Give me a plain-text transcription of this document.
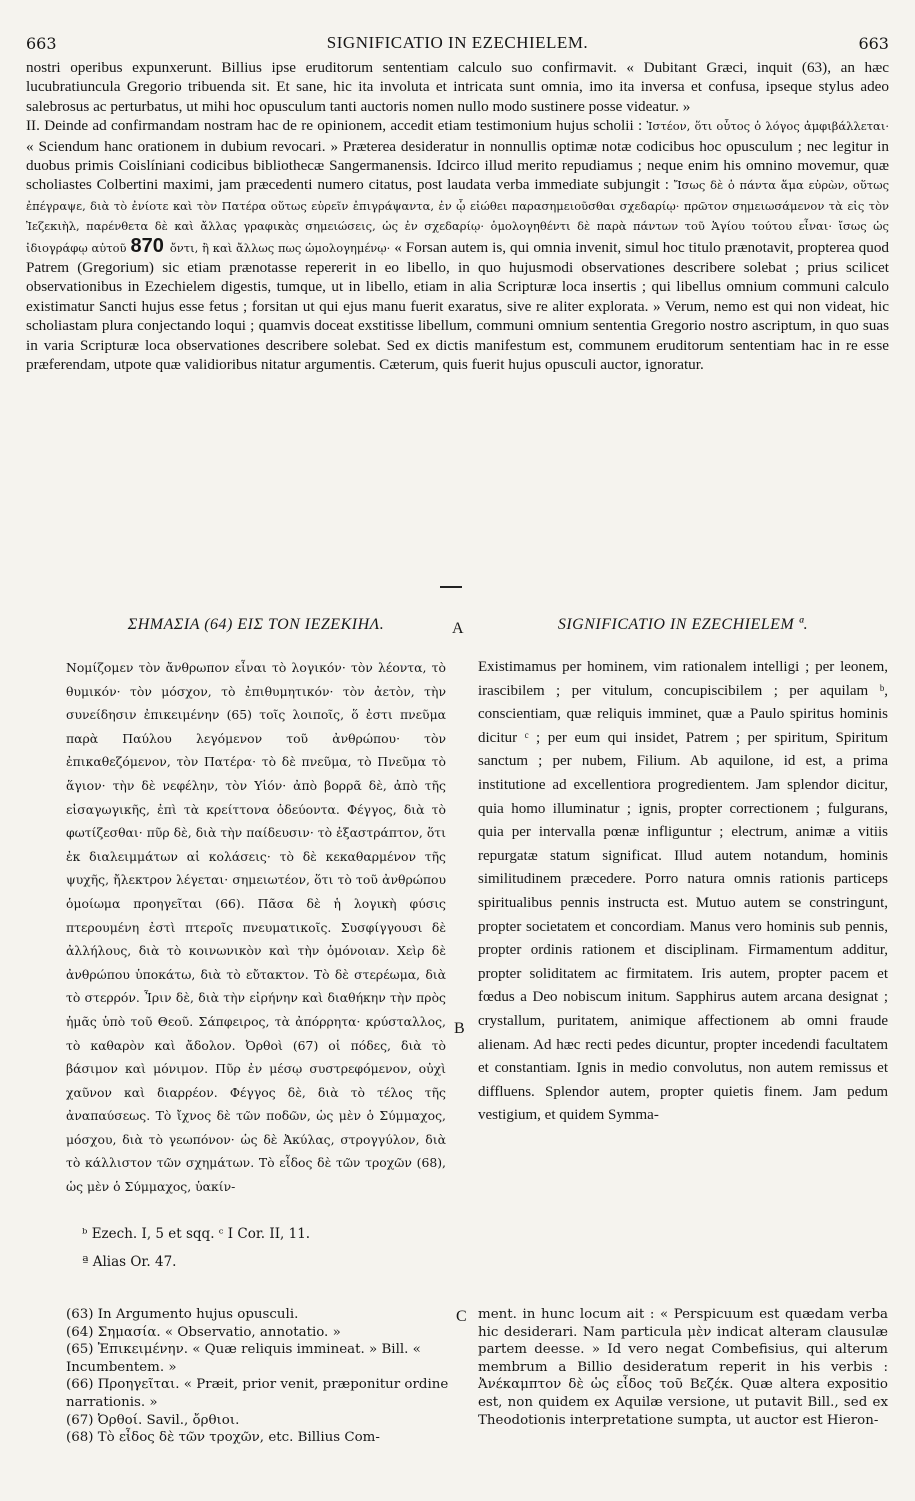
663	SIGNIFICATIO IN EZECHIELEM.	663

nostri operibus expunxerunt. Billius ipse eruditorum sententiam calculo suo confirmavit. « Dubitant Græci, inquit (63), an hæc lucubratiuncula Gregorio tribuenda sit. Et sane, hic ita involuta et intricata sunt omnia, imo ita inversa et confusa, ipseque stylus adeo salebrosus ac perturbatus, ut mihi hoc opusculum tanti auctoris nomen nullo modo sustinere posse videatur. »

II. Deinde ad confirmandam nostram hac de re opinionem, accedit etiam testimonium hujus scholii : Ἰστέον, ὅτι οὗτος ὁ λόγος ἀμφιβάλλεται· « Sciendum hanc orationem in dubium revocari. » Præterea desideratur in nonnullis optimæ notæ codicibus hoc opusculum ; nec legitur in duobus primis Coislíniani codicibus bibliothecæ Sangermanensis. Idcirco illud merito repudiamus ; neque enim his omnino movemur, quæ scholiastes Colbertini maximi, jam præcedenti numero citatus, post laudata verba immediate subjungit : Ἴσως δὲ ὁ πάντα ἅμα εὑρὼν, οὕτως ἐπέγραψε, διὰ τὸ ἐνίοτε καὶ τὸν Πατέρα οὕτως εὑρεῖν ἐπιγράψαντα, ἐν ᾧ εἰώθει παρασημειοῦσθαι σχεδαρίῳ· πρῶτον σημειωσάμενον τὰ εἰς τὸν Ἰεζεκιὴλ, παρένθετα δὲ καὶ ἄλλας γραφικὰς σημειώσεις, ὡς ἐν σχεδαρίῳ· ὁμολογηθέντι δὲ παρὰ πάντων τοῦ Ἁγίου τούτου εἶναι· ἴσως ὡς ἰδιογράφῳ αὐτοῦ 870 ὄντι, ἢ καὶ ἄλλως πως ὡμολογημένῳ· « Forsan autem is, qui omnia invenit, simul hoc titulo prænotavit, propterea quod Patrem (Gregorium) sic etiam prænotasse repererit in eo libello, in quo hujusmodi observationes describere solebat ; prius scilicet observationibus in Ezechielem digestis, tumque, ut in libello, etiam in alia Scripturæ loca insertis ; qui libellus omnium communi calculo existimatur Sancti hujus esse fetus ; forsitan ut qui ejus manu fuerit exaratus, sive re aliter explorata. » Verum, nemo est qui non videat, hic scholiastam plura conjectando loqui ; quamvis doceat exstitisse libellum, communi omnium sententia Gregorio nostro ascriptum, in quo suas in varia Scripturæ loca observationes describere solebat. Sed ex dictis manifestum est, communem eruditorum sententiam hac in re esse præferendam, utpote quæ validioribus nitatur argumentis. Cæterum, quis fuerit hujus opusculi auctor, ignoratur.

ΣΗΜΑΣΙΑ (64) ΕΙΣ ΤΟΝ ΙΕΖΕΚΙΗΛ.

Νομίζομεν τὸν ἄνθρωπον εἶναι τὸ λογικόν· τὸν λέοντα, τὸ θυμικόν· τὸν μόσχον, τὸ ἐπιθυμητικόν· τὸν ἀετὸν, τὴν συνείδησιν ἐπικειμένην (65) τοῖς λοιποῖς, ὅ ἐστι πνεῦμα παρὰ Παύλου λεγόμενον τοῦ ἀνθρώπου· τὸν ἐπικαθεζόμενον, τὸν Πατέρα· τὸ δὲ πνεῦμα, τὸ Πνεῦμα τὸ ἅγιον· τὴν δὲ νεφέλην, τὸν Υἱόν· ἀπὸ βορρᾶ δὲ, ἀπὸ τῆς εἰσαγωγικῆς, ἐπὶ τὰ κρείττονα ὁδεύοντα. Φέγγος, διὰ τὸ φωτίζεσθαι· πῦρ δὲ, διὰ τὴν παίδευσιν· τὸ ἐξαστράπτον, ὅτι ἐκ διαλειμμάτων αἱ κολάσεις· τὸ δὲ κεκαθαρμένον τῆς ψυχῆς, ἤλεκτρον λέγεται· σημειωτέον, ὅτι τὸ τοῦ ἀνθρώπου ὁμοίωμα προηγεῖται (66). Πᾶσα δὲ ἡ λογικὴ φύσις πτερουμένη ἐστὶ πτεροῖς πνευματικοῖς. Συσφίγγουσι δὲ ἀλλήλους, διὰ τὸ κοινωνικὸν καὶ τὴν ὁμόνοιαν. Χεὶρ δὲ ἀνθρώπου ὑποκάτω, διὰ τὸ εὔτακτον. Τὸ δὲ στερέωμα, διὰ τὸ στερρόν. Ἶριν δὲ, διὰ τὴν εἰρήνην καὶ διαθήκην τὴν πρὸς ἡμᾶς ὑπὸ τοῦ Θεοῦ. Σάπφειρος, τὰ ἀπόρρητα· κρύσταλλος, τὸ καθαρὸν καὶ ἄδολον. Ὀρθοὶ (67) οἱ πόδες, διὰ τὸ βάσιμον καὶ μόνιμον. Πῦρ ἐν μέσῳ συστρεφόμενον, οὐχὶ χαῦνον καὶ διαρρέον. Φέγγος δὲ, διὰ τὸ τέλος τῆς ἀναπαύσεως. Τὸ ἴχνος δὲ τῶν ποδῶν, ὡς μὲν ὁ Σύμμαχος, μόσχου, διὰ τὸ γεωπόνον· ὡς δὲ Ἀκύλας, στρογγύλον, διὰ τὸ κάλλιστον τῶν σχημάτων. Τὸ εἶδος δὲ τῶν τροχῶν (68), ὡς μὲν ὁ Σύμμαχος, ὑακίν-

A
B
SIGNIFICATIO IN EZECHIELEM ª.

Existimamus per hominem, vim rationalem intelligi ; per leonem, irascibilem ; per vitulum, concupiscibilem ; per aquilam ᵇ, conscientiam, quæ reliquis imminet, quæ a Paulo spiritus hominis dicitur ᶜ ; per eum qui insidet, Patrem ; per spiritum, Spiritum sanctum ; per nubem, Filium. Ab aquilone, id est, a prima institutione ad excellentiora progredientem. Jam splendor dicitur, quia homo illuminatur ; ignis, propter correctionem ; fulgurans, quia per intervalla pœnæ infliguntur ; electrum, animæ a vitiis repurgatæ statum significat. Illud autem notandum, hominis similitudinem præcedere. Porro natura omnis rationis particeps spiritualibus pennis instructa est. Mutuo autem se constringunt, propter societatem et concordiam. Manus vero hominis sub pennis, propter ordinis rationem et disciplinam. Firmamentum additur, propter soliditatem ac firmitatem. Iris autem, propter pacem et fœdus a Deo nobiscum initum. Sapphirus autem arcana designat ; crystallum, puritatem, animique affectionem ab omni fraude alienam. Ad hæc recti pedes dicuntur, propter incedendi facultatem et constantiam. Ignis in medio convolutus, non autem remissus et diffluens. Splendor autem, propter quietis finem. Jam pedum vestigium, et quidem Symma-

ᵇ Ezech. I, 5 et sqq. ᶜ I Cor. II, 11.

ª Alias Or. 47.

(63) In Argumento hujus opusculi.

(64) Σημασία. « Observatio, annotatio. »

(65) Ἐπικειμένην. « Quæ reliquis immineat. » Bill. « Incumbentem. »

(66) Προηγεῖται. « Præit, prior venit, præponitur ordine narrationis. »

(67) Ὀρθοί. Savil., ὄρθιοι.

(68) Τὸ εἶδος δὲ τῶν τροχῶν, etc. Billius Com-

C ment. in hunc locum ait : « Perspicuum est quædam verba hic desiderari. Nam particula μὲν indicat alteram clausulæ partem deesse. » Id vero negat Combefisius, qui alterum membrum a Billio desideratum reperit in his verbis : Ἀνέκαμπτον δὲ ὡς εἶδος τοῦ Βεζέκ. Quæ altera expositio est, non quidem ex Aquilæ versione, ut putavit Bill., sed ex Theodotionis interpretatione sumpta, ut auctor est Hieron-
